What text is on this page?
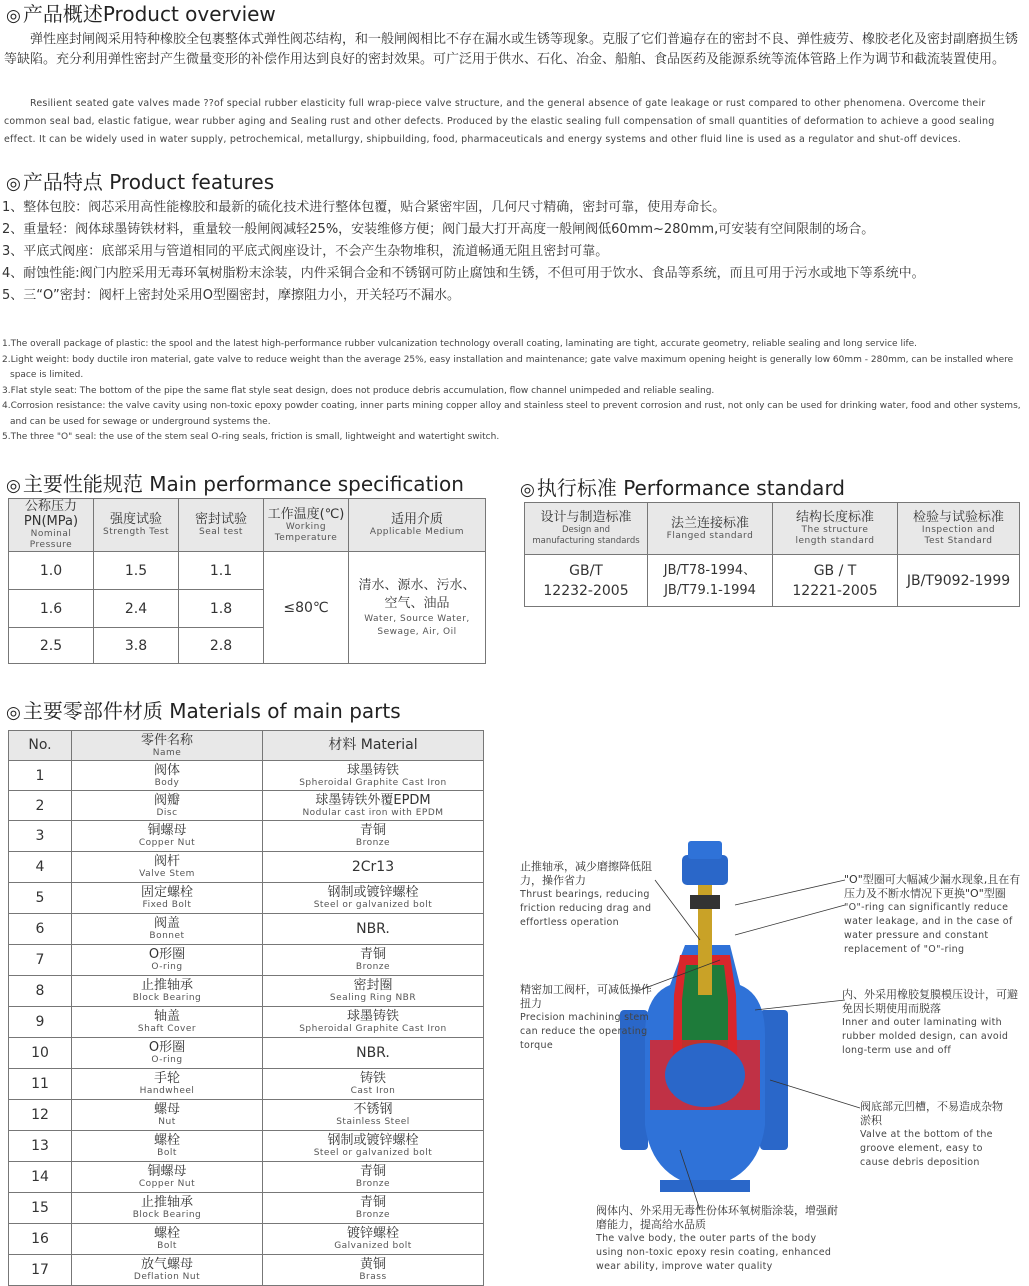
◎ 产品概述Product overview
弹性座封闸阀采用特种橡胶全包裹整体式弹性阀芯结构，和一般闸阀相比不存在漏水或生锈等现象。克服了它们普遍存在的密封不良、弹性疲劳、橡胶老化及密封副磨损生锈等缺陷。充分利用弹性密封产生微量变形的补偿作用达到良好的密封效果。可广泛用于供水、石化、冶金、船舶、食品医药及能源系统等流体管路上作为调节和截流装置使用。
Resilient seated gate valves made ??of special rubber elasticity full wrap-piece valve structure, and the general absence of gate leakage or rust compared to other phenomena. Overcome their common seal bad, elastic fatigue, wear rubber aging and Sealing rust and other defects. Produced by the elastic sealing full compensation of small quantities of deformation to achieve a good sealing effect. It can be widely used in water supply, petrochemical, metallurgy, shipbuilding, food, pharmaceuticals and energy systems and other fluid line is used as a regulator and shut-off devices.
◎ 产品特点 Product features
1、整体包胶：阀芯采用高性能橡胶和最新的硫化技术进行整体包覆，贴合紧密牢固，几何尺寸精确，密封可靠，使用寿命长。
2、重量轻：阀体球墨铸铁材料，重量较一般闸阀减轻25%，安装维修方便；阀门最大打开高度一般闸阀低60mm~280mm,可安装有空间限制的场合。
3、平底式阀座：底部采用与管道相同的平底式阀座设计，不会产生杂物堆积，流道畅通无阻且密封可靠。
4、耐蚀性能:阀门内腔采用无毒环氧树脂粉末涂装，内件采铜合金和不锈钢可防止腐蚀和生锈，不但可用于饮水、食品等系统，而且可用于污水或地下等系统中。
5、三“O”密封：阀杆上密封处采用O型圈密封，摩擦阻力小，开关轻巧不漏水。
1.The overall package of plastic: the spool and the latest high-performance rubber vulcanization technology overall coating, laminating are tight, accurate geometry, reliable sealing and long service life.
2.Light weight: body ductile iron material, gate valve to reduce weight than the average 25%, easy installation and maintenance; gate valve maximum opening height is generally low 60mm - 280mm, can be installed where space is limited.
3.Flat style seat: The bottom of the pipe the same flat style seat design, does not produce debris accumulation, flow channel unimpeded and reliable sealing.
4.Corrosion resistance: the valve cavity using non-toxic epoxy powder coating, inner parts mining copper alloy and stainless steel to prevent corrosion and rust, not only can be used for drinking water, food and other systems, and can be used for sewage or underground systems the.
5.The three "O" seal: the use of the stem seal O-ring seals, friction is small, lightweight and watertight switch.
◎ 主要性能规范 Main performance specification
公称压力
PN(MPa)
Nominal
Pressure	强度试验
Strength Test	密封试验
Seal test	工作温度(℃)
Working
Temperature	适用介质
Applicable Medium

1.0	1.5	1.1	≤80℃	清水、源水、污水、空气、油品
Water, Source Water, Sewage, Air, Oil

1.6	2.4	1.8		
2.5	3.8	2.8		
◎ 执行标准 Performance standard
设计与制造标准
Design and
manufacturing standards	法兰连接标准
Flanged standard	结构长度标准
The structure
length standard	检验与试验标准
Inspection and
Test Standard

GB/T
12232-2005	JB/T78-1994、
JB/T79.1-1994	GB / T
12221-2005	JB/T9092-1999
◎ 主要零部件材质 Materials of main parts
No.	零件名称
Name	材料 Material

1	阀体
Body	球墨铸铁
Spheroidal Graphite Cast Iron

2	阀瓣
Disc	球墨铸铁外覆EPDM
Nodular cast iron with EPDM

3	铜螺母
Copper Nut	青铜
Bronze

4	阀杆
Valve Stem	2Cr13

5	固定螺栓
Fixed Bolt	钢制或镀锌螺栓
Steel or galvanized bolt

6	阀盖
Bonnet	NBR.

7	O形圈
O-ring	青铜
Bronze

8	止推轴承
Block Bearing	密封圈
Sealing Ring NBR

9	轴盖
Shaft Cover	球墨铸铁
Spheroidal Graphite Cast Iron

10	O形圈
O-ring	NBR.

11	手轮
Handwheel	铸铁
Cast Iron

12	螺母
Nut	不锈钢
Stainless Steel

13	螺栓
Bolt	钢制或镀锌螺栓
Steel or galvanized bolt

14	铜螺母
Copper Nut	青铜
Bronze

15	止推轴承
Block Bearing	青铜
Bronze

16	螺栓
Bolt	镀锌螺栓
Galvanized bolt

17	放气螺母
Deflation Nut	黄铜
Brass
止推轴承，减少磨擦降低阻力，操作省力
Thrust bearings, reducing friction reducing drag and effortless operation
"O"型圈可大幅减少漏水现象,且在有压力及不断水情况下更换"O"型圈
"O"-ring can significantly reduce water leakage, and in the case of water pressure and constant replacement of "O"-ring
精密加工阀杆，可减低操作扭力
Precision machining stem can reduce the operating torque
内、外采用橡胶复膜模压设计，可避免因长期使用而脱落
Inner and outer laminating with rubber molded design, can avoid long-term use and off
阀底部元凹槽，不易造成杂物淤积
Valve at the bottom of the groove element, easy to cause debris deposition
阀体内、外采用无毒性份体环氧树脂涂装，增强耐磨能力，提高给水品质
The valve body, the outer parts of the body using non-toxic epoxy resin coating, enhanced wear ability, improve water quality
